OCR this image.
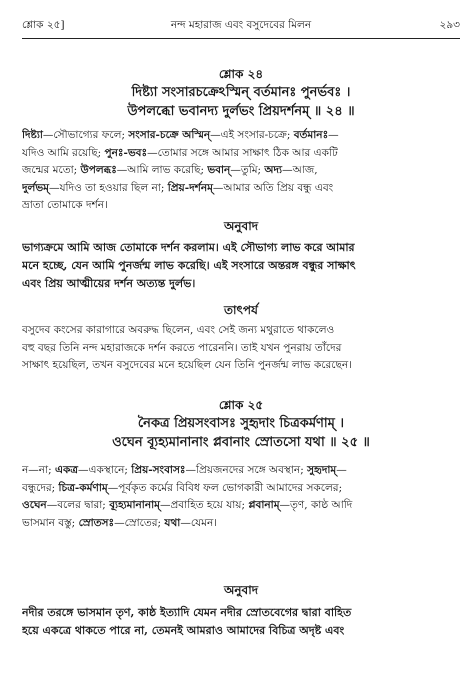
শ্লোক ২৫]	নন্দ মহারাজ এবং বসুদেবের মিলন	২৯৩
শ্লোক ২৪
দিষ্ট্যা সংসারচক্রেঽস্মিন্ বর্তমানঃ পুনর্ভবঃ ।
উপলব্ধো ভবানদ্য দুর্লভং প্রিয়দর্শনম্ ॥ ২৪ ॥
দিষ্ট্যা—সৌভাগ্যের ফলে; সংসার-চক্রে অস্মিন্—এই সংসার-চক্রে; বর্তমানঃ—
যদিও আমি রয়েছি; পুনঃ-ভবঃ—তোমার সঙ্গে আমার সাক্ষাৎ ঠিক আর একটি
জন্মের মতো; উপলব্ধঃ—আমি লাভ করেছি; ভবান্—তুমি; অদ্য—আজ,
দুর্লভম্—যদিও তা হওয়ার ছিল না; প্রিয়-দর্শনম্—আমার অতি প্রিয় বন্ধু এবং
ভ্রাতা তোমাকে দর্শন।
অনুবাদ
ভাগ্যক্রমে আমি আজ তোমাকে দর্শন করলাম। এই সৌভাগ্য লাভ করে আমার
মনে হচ্ছে, যেন আমি পুনর্জন্ম লাভ করেছি। এই সংসারে অন্তরঙ্গ বন্ধুর সাক্ষাৎ
এবং প্রিয় আত্মীয়ের দর্শন অত্যন্ত দুর্লভ।
তাৎপর্য
বসুদেব কংসের কারাগারে অবরুদ্ধ ছিলেন, এবং সেই জন্য মথুরাতে থাকলেও
বহু বছর তিনি নন্দ মহারাজকে দর্শন করতে পারেননি। তাই যখন পুনরায় তাঁদের
সাক্ষাৎ হয়েছিল, তখন বসুদেবের মনে হয়েছিল যেন তিনি পুনর্জন্ম লাভ করেছেন।
শ্লোক ২৫
নৈকত্র প্রিয়সংবাসঃ সুহৃদাং চিত্রকর্মণাম্ ।
ওঘেন ব্যূহ্যমানানাং প্লবানাং স্রোতসো যথা ॥ ২৫ ॥
ন—না; একত্র—একস্থানে; প্রিয়-সংবাসঃ—প্রিয়জনদের সঙ্গে অবস্থান; সুহৃদাম্—
বন্ধুদের; চিত্র-কর্মণাম্—পূর্বকৃত কর্মের বিবিধ ফল ভোগকারী আমাদের সকলের;
ওঘেন—বলের দ্বারা; ব্যূহ্যমানানাম্—প্রবাহিত হয়ে যায়; প্লবানাম্—তৃণ, কাষ্ঠ আদি
ভাসমান বস্তু; স্রোতসঃ—স্রোতের; যথা—যেমন।
অনুবাদ
নদীর তরঙ্গে ভাসমান তৃণ, কাষ্ঠ ইত্যাদি যেমন নদীর স্রোতবেগের দ্বারা বাহিত
হয়ে একত্রে থাকতে পারে না, তেমনই আমরাও আমাদের বিচিত্র অদৃষ্ট এবং
